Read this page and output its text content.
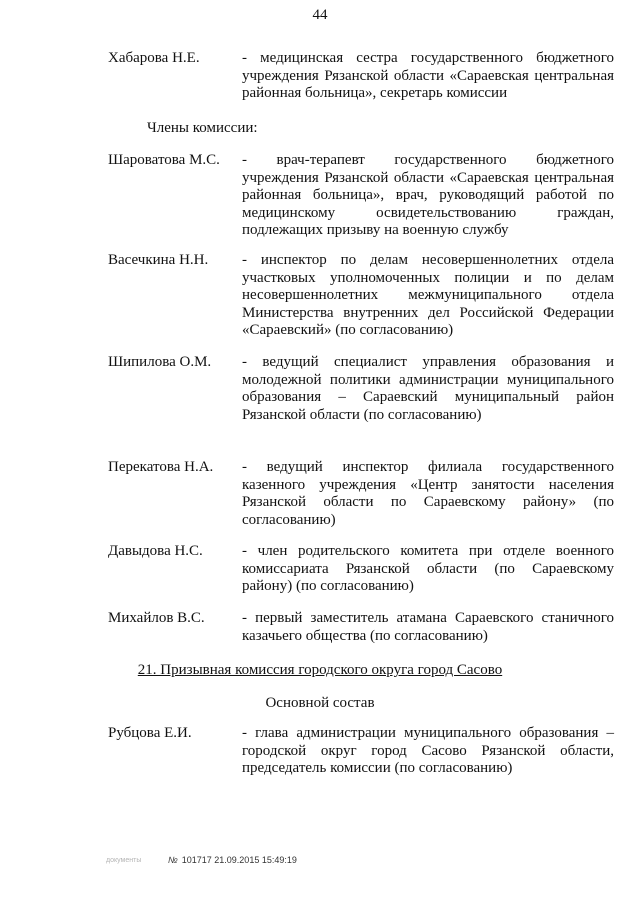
44
Хабарова Н.Е.	- медицинская сестра государственного бюджетного учреждения Рязанской области «Сараевская центральная районная больница», секретарь комиссии
Члены комиссии:
Шароватова М.С.	- врач-терапевт государственного бюджетного учреждения Рязанской области «Сараевская центральная районная больница», врач, руководящий работой по медицинскому освидетельствованию граждан, подлежащих призыву на военную службу
Васечкина Н.Н.	- инспектор по делам несовершеннолетних отдела участковых уполномоченных полиции и по делам несовершеннолетних межмуниципального отдела Министерства внутренних дел Российской Федерации «Сараевский» (по согласованию)
Шипилова О.М.	- ведущий специалист управления образования и молодежной политики администрации муниципального образования – Сараевский муниципальный район Рязанской области (по согласованию)
Перекатова Н.А.	- ведущий инспектор филиала государственного казенного учреждения «Центр занятости населения Рязанской области по Сараевскому району» (по согласованию)
Давыдова Н.С.	- член родительского комитета при отделе военного комиссариата Рязанской области (по Сараевскому району) (по согласованию)
Михайлов В.С.	- первый заместитель атамана Сараевского станичного казачьего общества (по согласованию)
21. Призывная комиссия городского округа город Сасово
Основной состав
Рубцова Е.И.	- глава администрации муниципального образования – городской округ город Сасово Рязанской области, председатель комиссии (по согласованию)
документы	№ 101717 21.09.2015 15:49:19
